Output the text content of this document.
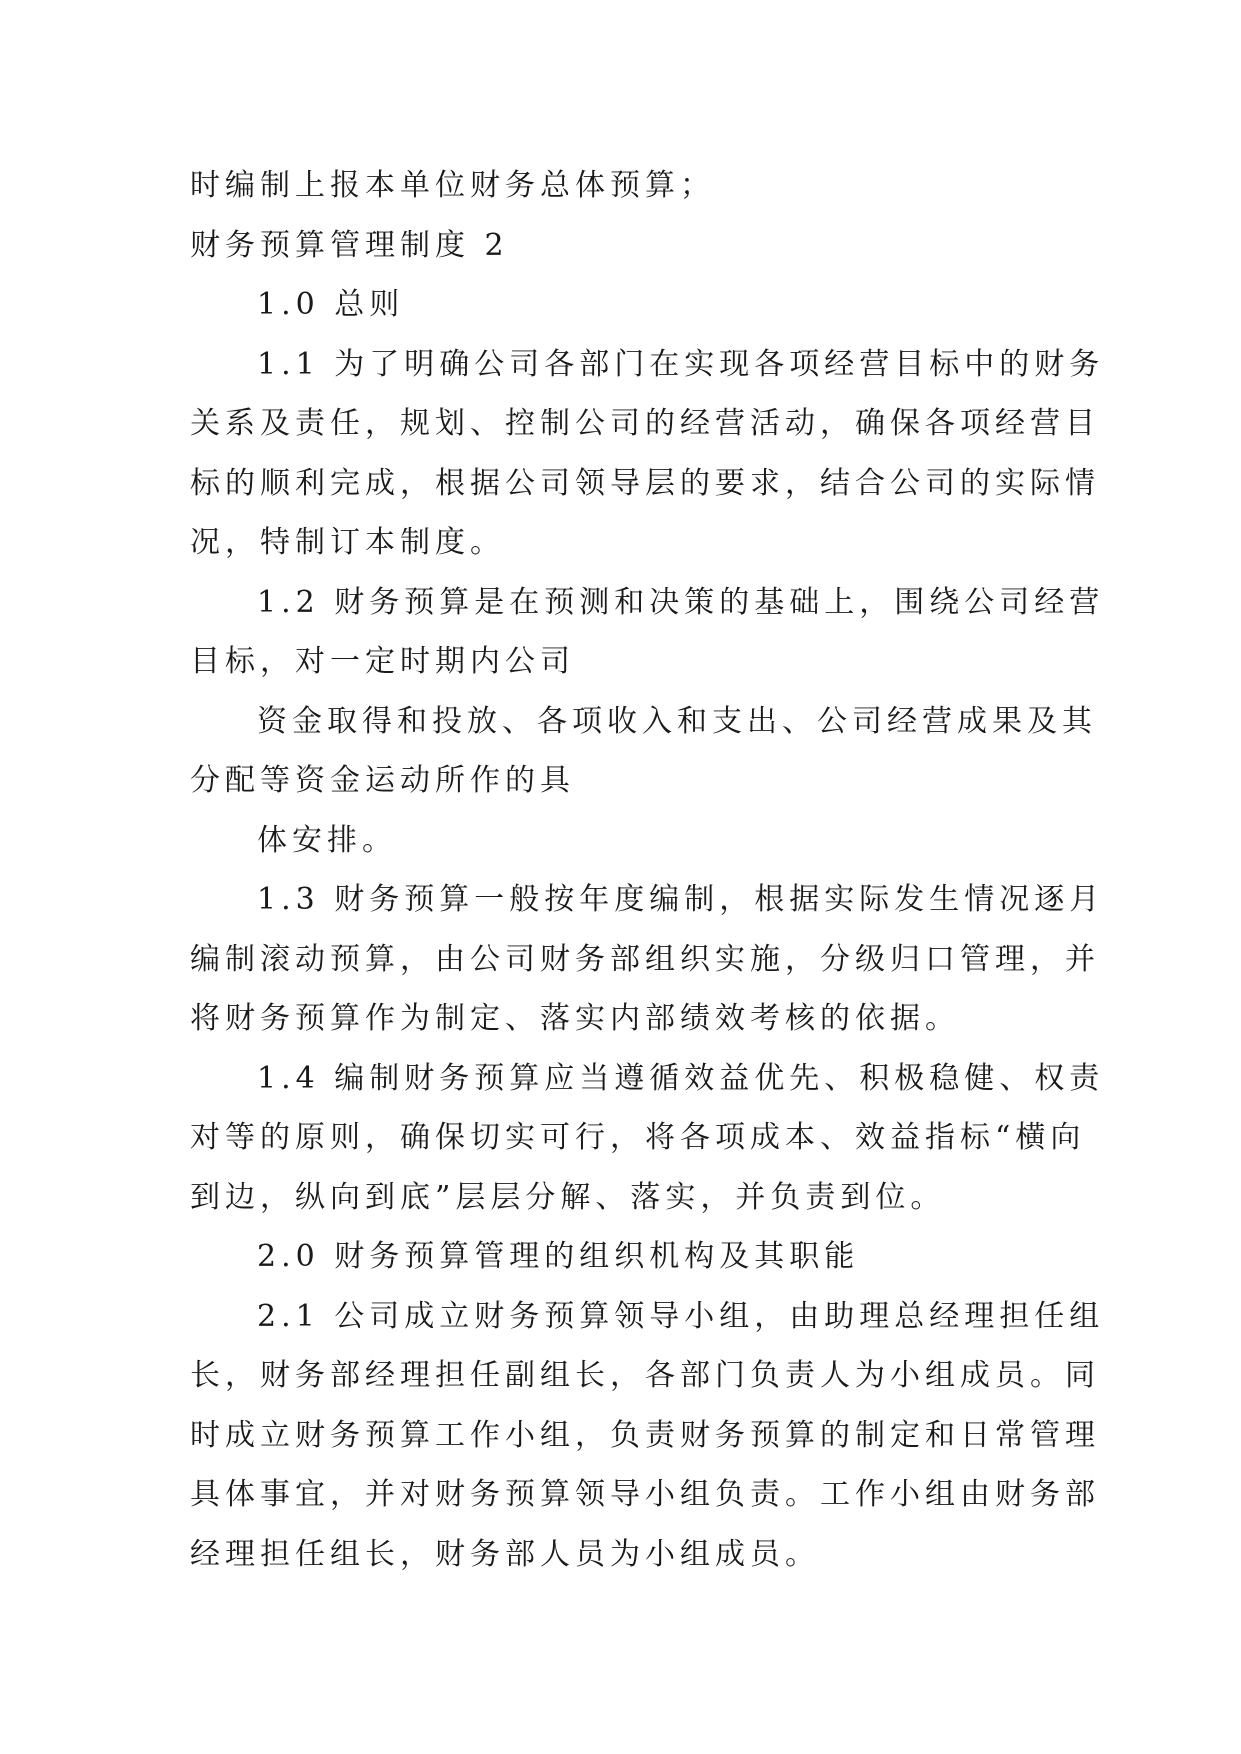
时编制上报本单位财务总体预算；
财务预算管理制度 2
1.0 总则
1.1 为了明确公司各部门在实现各项经营目标中的财务
关系及责任，规划、控制公司的经营活动，确保各项经营目
标的顺利完成，根据公司领导层的要求，结合公司的实际情
况，特制订本制度。
1.2 财务预算是在预测和决策的基础上，围绕公司经营
目标，对一定时期内公司
资金取得和投放、各项收入和支出、公司经营成果及其
分配等资金运动所作的具
体安排。
1.3 财务预算一般按年度编制，根据实际发生情况逐月
编制滚动预算，由公司财务部组织实施，分级归口管理，并
将财务预算作为制定、落实内部绩效考核的依据。
1.4 编制财务预算应当遵循效益优先、积极稳健、权责
对等的原则，确保切实可行，将各项成本、效益指标“横向
到边，纵向到底”层层分解、落实，并负责到位。
2.0 财务预算管理的组织机构及其职能
2.1 公司成立财务预算领导小组，由助理总经理担任组
长，财务部经理担任副组长，各部门负责人为小组成员。同
时成立财务预算工作小组，负责财务预算的制定和日常管理
具体事宜，并对财务预算领导小组负责。工作小组由财务部
经理担任组长，财务部人员为小组成员。
